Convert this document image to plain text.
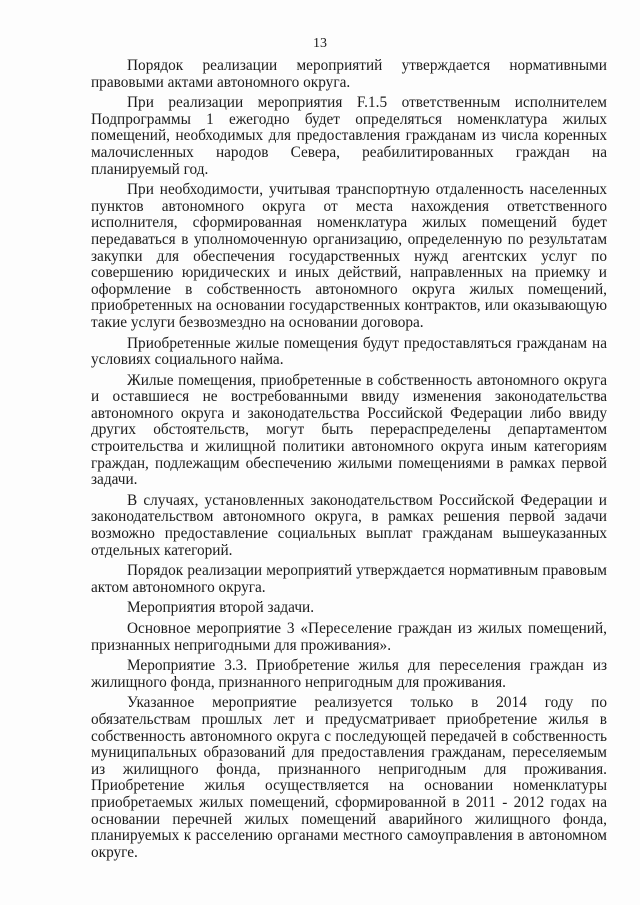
13

Порядок реализации мероприятий утверждается нормативными правовыми актами автономного округа.

При реализации мероприятия F.1.5 ответственным исполнителем Подпрограммы 1 ежегодно будет определяться номенклатура жилых помещений, необходимых для предоставления гражданам из числа коренных малочисленных народов Севера, реабилитированных граждан на планируемый год.

При необходимости, учитывая транспортную отдаленность населенных пунктов автономного округа от места нахождения ответственного исполнителя, сформированная номенклатура жилых помещений будет передаваться в уполномоченную организацию, определенную по результатам закупки для обеспечения государственных нужд агентских услуг по совершению юридических и иных действий, направленных на приемку и оформление в собственность автономного округа жилых помещений, приобретенных на основании государственных контрактов, или оказывающую такие услуги безвозмездно на основании договора.

Приобретенные жилые помещения будут предоставляться гражданам на условиях социального найма.

Жилые помещения, приобретенные в собственность автономного округа и оставшиеся не востребованными ввиду изменения законодательства автономного округа и законодательства Российской Федерации либо ввиду других обстоятельств, могут быть перераспределены департаментом строительства и жилищной политики автономного округа иным категориям граждан, подлежащим обеспечению жилыми помещениями в рамках первой задачи.

В случаях, установленных законодательством Российской Федерации и законодательством автономного округа, в рамках решения первой задачи возможно предоставление социальных выплат гражданам вышеуказанных отдельных категорий.

Порядок реализации мероприятий утверждается нормативным правовым актом автономного округа.

Мероприятия второй задачи.

Основное мероприятие 3 «Переселение граждан из жилых помещений, признанных непригодными для проживания».

Мероприятие 3.3. Приобретение жилья для переселения граждан из жилищного фонда, признанного непригодным для проживания.

Указанное мероприятие реализуется только в 2014 году по обязательствам прошлых лет и предусматривает приобретение жилья в собственность автономного округа с последующей передачей в собственность муниципальных образований для предоставления гражданам, переселяемым из жилищного фонда, признанного непригодным для проживания. Приобретение жилья осуществляется на основании номенклатуры приобретаемых жилых помещений, сформированной в 2011 - 2012 годах на основании перечней жилых помещений аварийного жилищного фонда, планируемых к расселению органами местного самоуправления в автономном округе.
